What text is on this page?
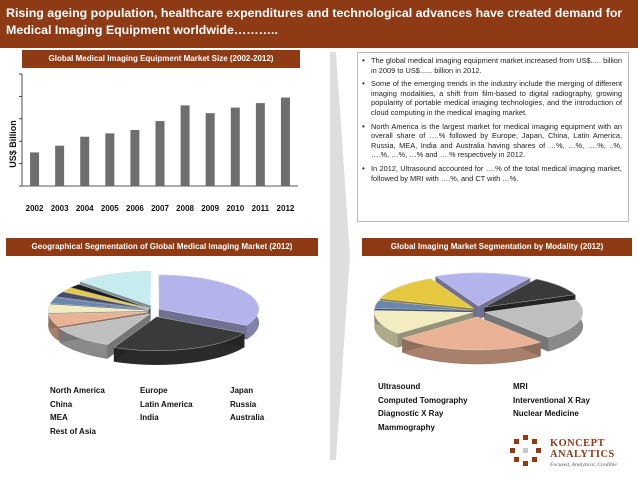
Rising ageing population, healthcare expenditures and technological advances have created demand for Medical Imaging Equipment worldwide………..
Global Medical Imaging Equipment Market Size (2002-2012)
US$ Billion
2002 2003 2004 2005 2006 2007 2008 2009 2010 2011 2012
• The global medical imaging equipment market increased from US$..... billion in 2009 to US$...... billion in 2012.
• Some of the emerging trends in the industry include the merging of different imaging modalities, a shift from film-based to digital radiography, growing popularity of portable medical imaging technologies, and the introduction of cloud computing in the medical imaging market.
• North America is the largest market for medical imaging equipment with an overall share of ….% followed by Europe, Japan, China, Latin America, Russia, MEA, India and Australia having shares of …%, …%, ….%, ..%, ….%, …%, …% and ….% respectively in 2012.
• In 2012, Ultrasound accounted for ….% of the total medical imaging market, followed by MRI with ….%, and CT with …%.
Geographical Segmentation of Global Medical Imaging Market (2012)
North America
China
MEA
Rest of Asia
Europe
Latin America
India
Japan
Russia
Australia
Global Imaging Market Segmentation by Modality (2012)
Ultrasound
Computed Tomography
Diagnostic X Ray
Mammography
MRI
Interventional X Ray
Nuclear Medicine
KONCEPT
ANALYTICS
Focused, Analytical, Credible
